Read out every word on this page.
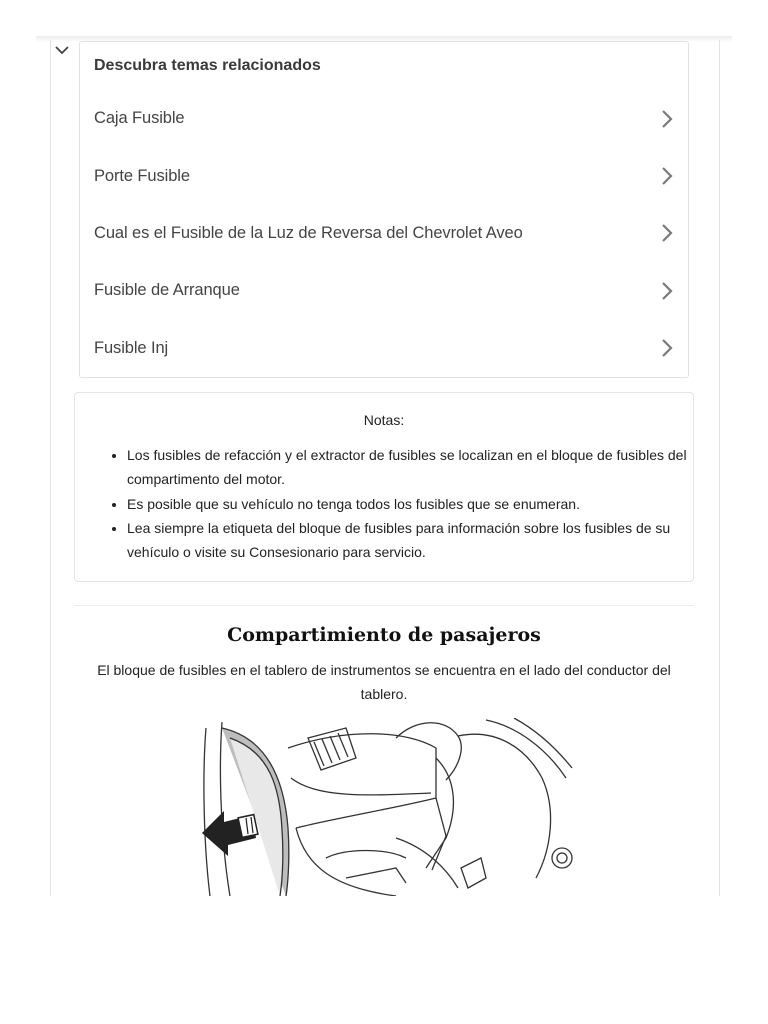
Descubra temas relacionados
Caja Fusible
Porte Fusible
Cual es el Fusible de la Luz de Reversa del Chevrolet Aveo
Fusible de Arranque
Fusible Inj
Notas:
• Los fusibles de refacción y el extractor de fusibles se localizan en el bloque de fusibles del compartimento del motor.
• Es posible que su vehículo no tenga todos los fusibles que se enumeran.
• Lea siempre la etiqueta del bloque de fusibles para información sobre los fusibles de su vehículo o visite su Consesionario para servicio.
Compartimiento de pasajeros
El bloque de fusibles en el tablero de instrumentos se encuentra en el lado del conductor del tablero.
